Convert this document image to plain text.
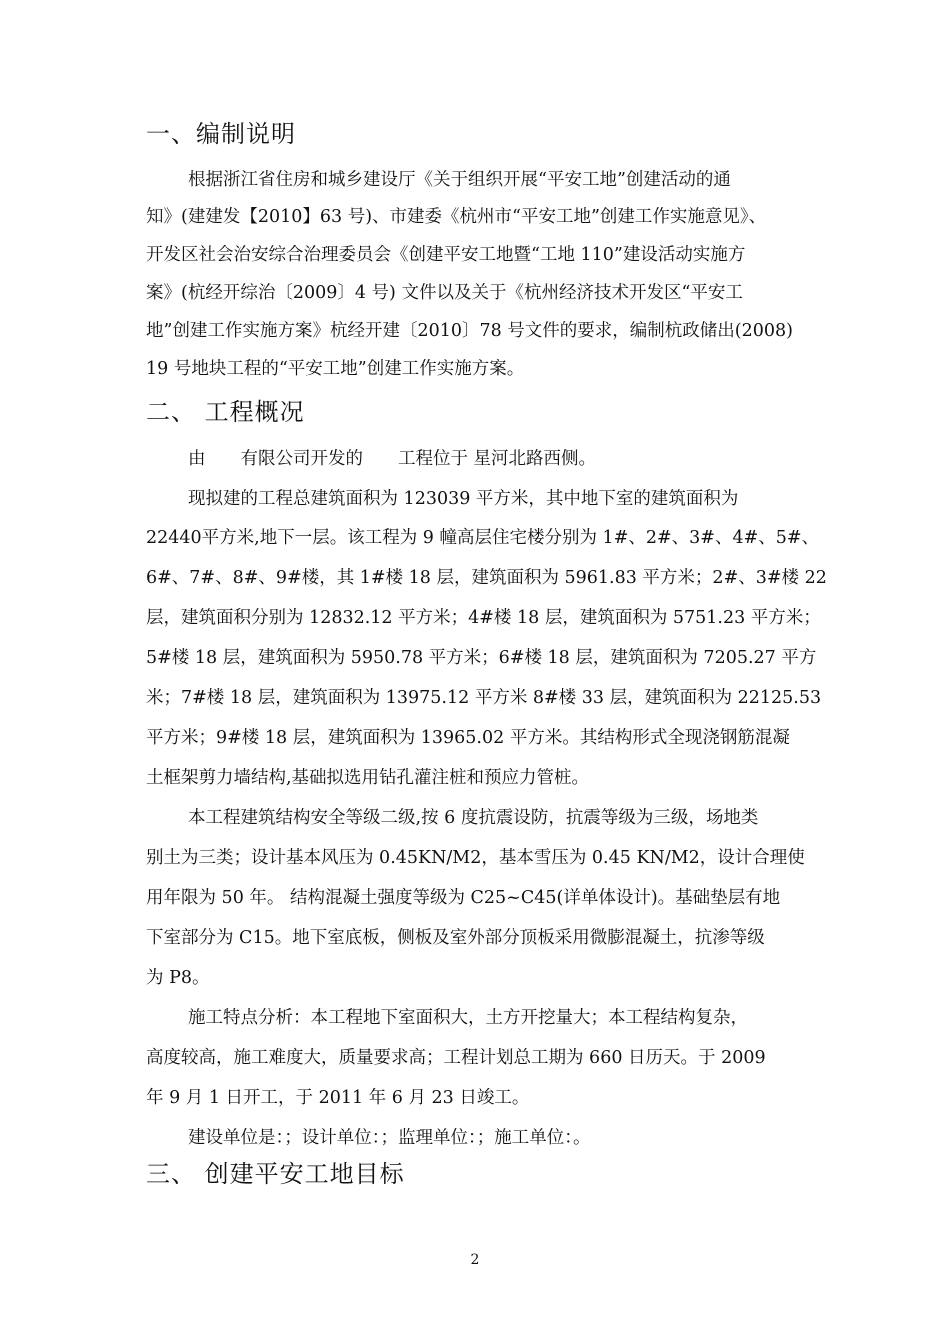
一、编制说明

根据浙江省住房和城乡建设厅《关于组织开展“平安工地”创建活动的通

知》(建建发【2010】63 号)、市建委《杭州市“平安工地”创建工作实施意见》、

开发区社会治安综合治理委员会《创建平安工地暨“工地 110”建设活动实施方

案》(杭经开综治〔2009〕4 号) 文件以及关于《杭州经济技术开发区“平安工

地”创建工作实施方案》杭经开建〔2010〕78 号文件的要求，编制杭政储出(2008)

19 号地块工程的“平安工地”创建工作实施方案。

二、 工程概况

由　　有限公司开发的　　工程位于 星河北路西侧。

现拟建的工程总建筑面积为 123039 平方米，其中地下室的建筑面积为

22440平方米,地下一层。该工程为 9 幢高层住宅楼分别为 1#、2#、3#、4#、5#、

6#、7#、8#、9#楼，其 1#楼 18 层，建筑面积为 5961.83 平方米；2#、3#楼 22

层，建筑面积分别为 12832.12 平方米；4#楼 18 层，建筑面积为 5751.23 平方米；

5#楼 18 层，建筑面积为 5950.78 平方米；6#楼 18 层，建筑面积为 7205.27 平方

米；7#楼 18 层，建筑面积为 13975.12 平方米 8#楼 33 层，建筑面积为 22125.53

平方米；9#楼 18 层，建筑面积为 13965.02 平方米。其结构形式全现浇钢筋混凝

土框架剪力墙结构,基础拟选用钻孔灌注桩和预应力管桩。

本工程建筑结构安全等级二级,按 6 度抗震设防，抗震等级为三级，场地类

别土为三类；设计基本风压为 0.45KN/M2，基本雪压为 0.45 KN/M2，设计合理使

用年限为 50 年。 结构混凝土强度等级为 C25~C45(详单体设计)。基础垫层有地

下室部分为 C15。地下室底板，侧板及室外部分顶板采用微膨混凝土，抗渗等级

为 P8。

施工特点分析：本工程地下室面积大，土方开挖量大；本工程结构复杂，

高度较高，施工难度大，质量要求高；工程计划总工期为 660 日历天。于 2009

年 9 月 1 日开工，于 2011 年 6 月 23 日竣工。

建设单位是：；设计单位：；监理单位：；施工单位：。

三、 创建平安工地目标
2
